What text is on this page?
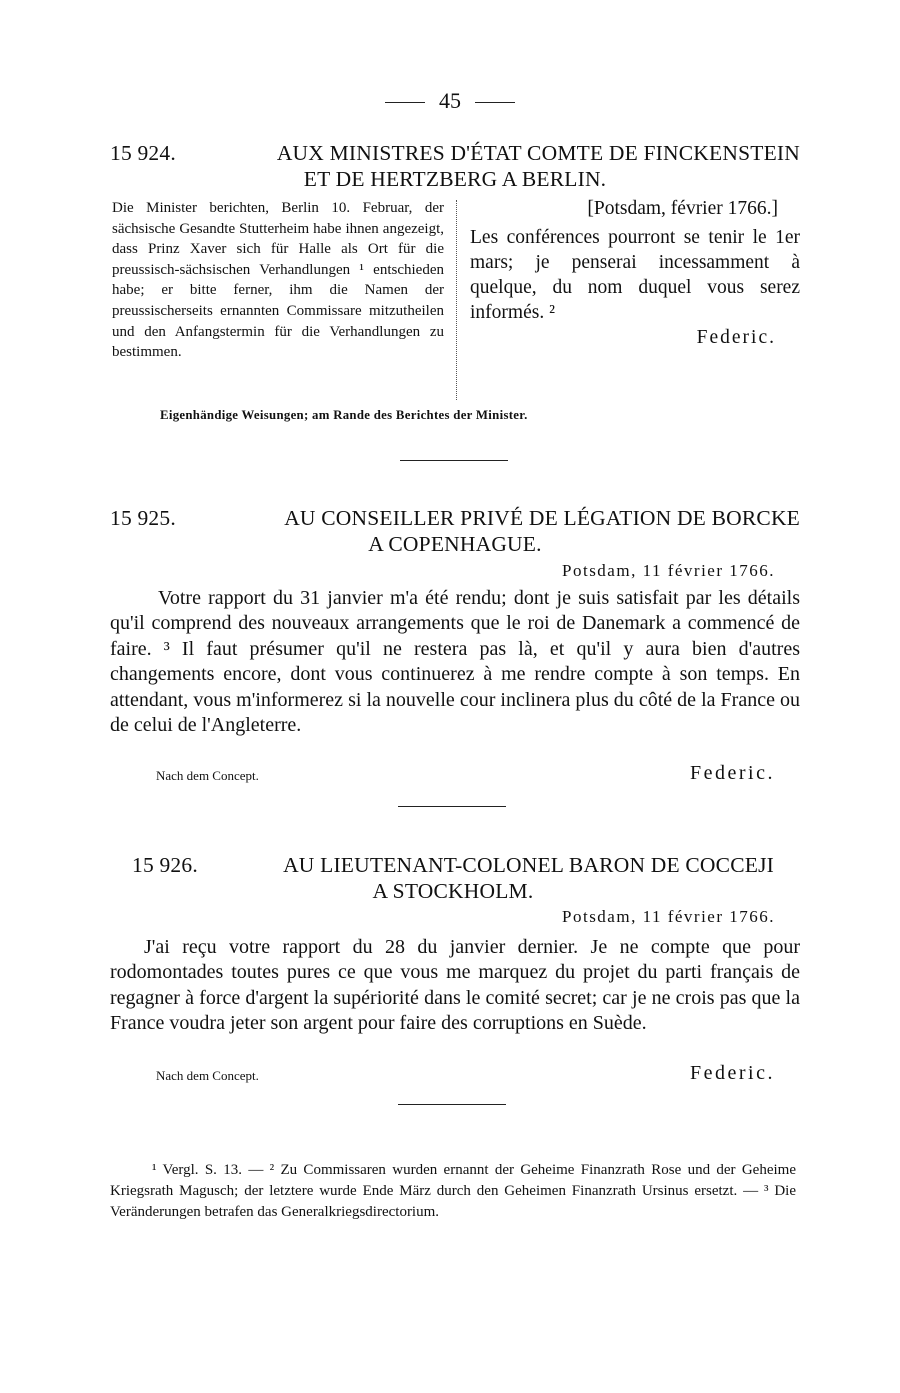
45
15 924.	AUX MINISTRES D'ÉTAT COMTE DE FINCKENSTEIN
ET DE HERTZBERG A BERLIN.
Die Minister berichten, Berlin 10. Februar, der sächsische Gesandte Stutterheim habe ihnen angezeigt, dass Prinz Xaver sich für Halle als Ort für die preussisch-sächsischen Verhandlungen ¹ entschieden habe; er bitte ferner, ihm die Namen der preussischerseits ernannten Commissare mitzutheilen und den Anfangstermin für die Verhandlungen zu bestimmen.
[Potsdam, février 1766.]
Les conférences pourront se tenir le 1er mars; je penserai incessamment à quelque, du nom duquel vous serez informés. ²
Federic.
Eigenhändige Weisungen; am Rande des Berichtes der Minister.
15 925.	AU CONSEILLER PRIVÉ DE LÉGATION DE BORCKE
A COPENHAGUE.
Potsdam, 11 février 1766.
Votre rapport du 31 janvier m'a été rendu; dont je suis satisfait par les détails qu'il comprend des nouveaux arrangements que le roi de Danemark a commencé de faire. ³ Il faut présumer qu'il ne restera pas là, et qu'il y aura bien d'autres changements encore, dont vous continuerez à me rendre compte à son temps. En attendant, vous m'informerez si la nouvelle cour inclinera plus du côté de la France ou de celui de l'Angleterre.
Nach dem Concept.	Federic.
15 926.	AU LIEUTENANT-COLONEL BARON DE COCCEJI
A STOCKHOLM.
Potsdam, 11 février 1766.
J'ai reçu votre rapport du 28 du janvier dernier. Je ne compte que pour rodomontades toutes pures ce que vous me marquez du projet du parti français de regagner à force d'argent la supériorité dans le comité secret; car je ne crois pas que la France voudra jeter son argent pour faire des corruptions en Suède.
Nach dem Concept.	Federic.
¹ Vergl. S. 13. — ² Zu Commissaren wurden ernannt der Geheime Finanzrath Rose und der Geheime Kriegsrath Magusch; der letztere wurde Ende März durch den Geheimen Finanzrath Ursinus ersetzt. — ³ Die Veränderungen betrafen das Generalkriegsdirectorium.
